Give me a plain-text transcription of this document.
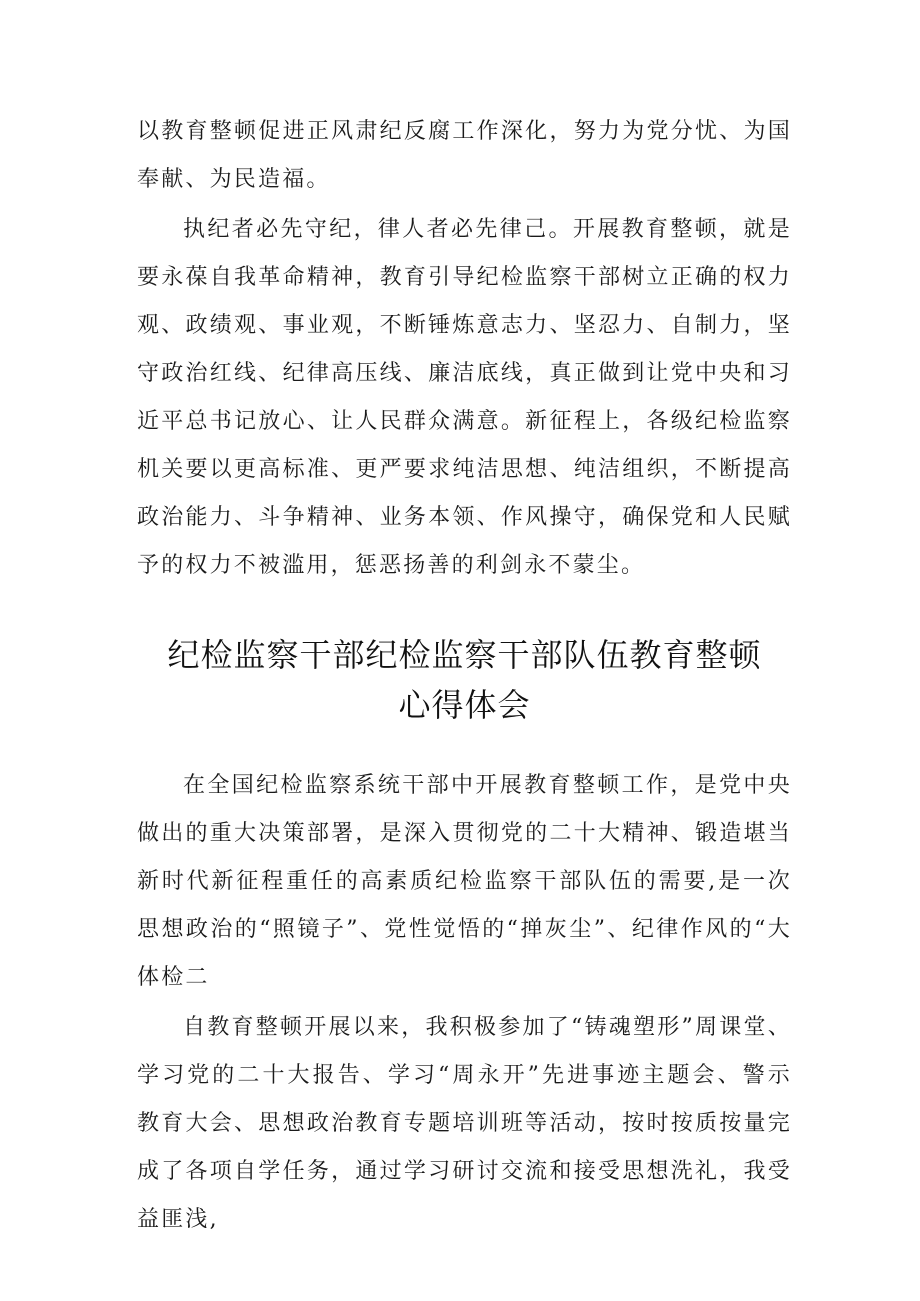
以教育整顿促进正风肃纪反腐工作深化，努力为党分忧、为国奉献、为民造福。

执纪者必先守纪，律人者必先律己。开展教育整顿，就是要永葆自我革命精神，教育引导纪检监察干部树立正确的权力观、政绩观、事业观，不断锤炼意志力、坚忍力、自制力，坚守政治红线、纪律高压线、廉洁底线，真正做到让党中央和习近平总书记放心、让人民群众满意。新征程上，各级纪检监察机关要以更高标准、更严要求纯洁思想、纯洁组织，不断提高政治能力、斗争精神、业务本领、作风操守，确保党和人民赋予的权力不被滥用，惩恶扬善的利剑永不蒙尘。

纪检监察干部纪检监察干部队伍教育整顿
心得体会

在全国纪检监察系统干部中开展教育整顿工作，是党中央做出的重大决策部署，是深入贯彻党的二十大精神、锻造堪当新时代新征程重任的高素质纪检监察干部队伍的需要,是一次思想政治的“照镜子”、党性觉悟的“掸灰尘”、纪律作风的“大体检二

自教育整顿开展以来，我积极参加了“铸魂塑形”周课堂、学习党的二十大报告、学习“周永开”先进事迹主题会、警示教育大会、思想政治教育专题培训班等活动，按时按质按量完成了各项自学任务，通过学习研讨交流和接受思想洗礼，我受益匪浅,
